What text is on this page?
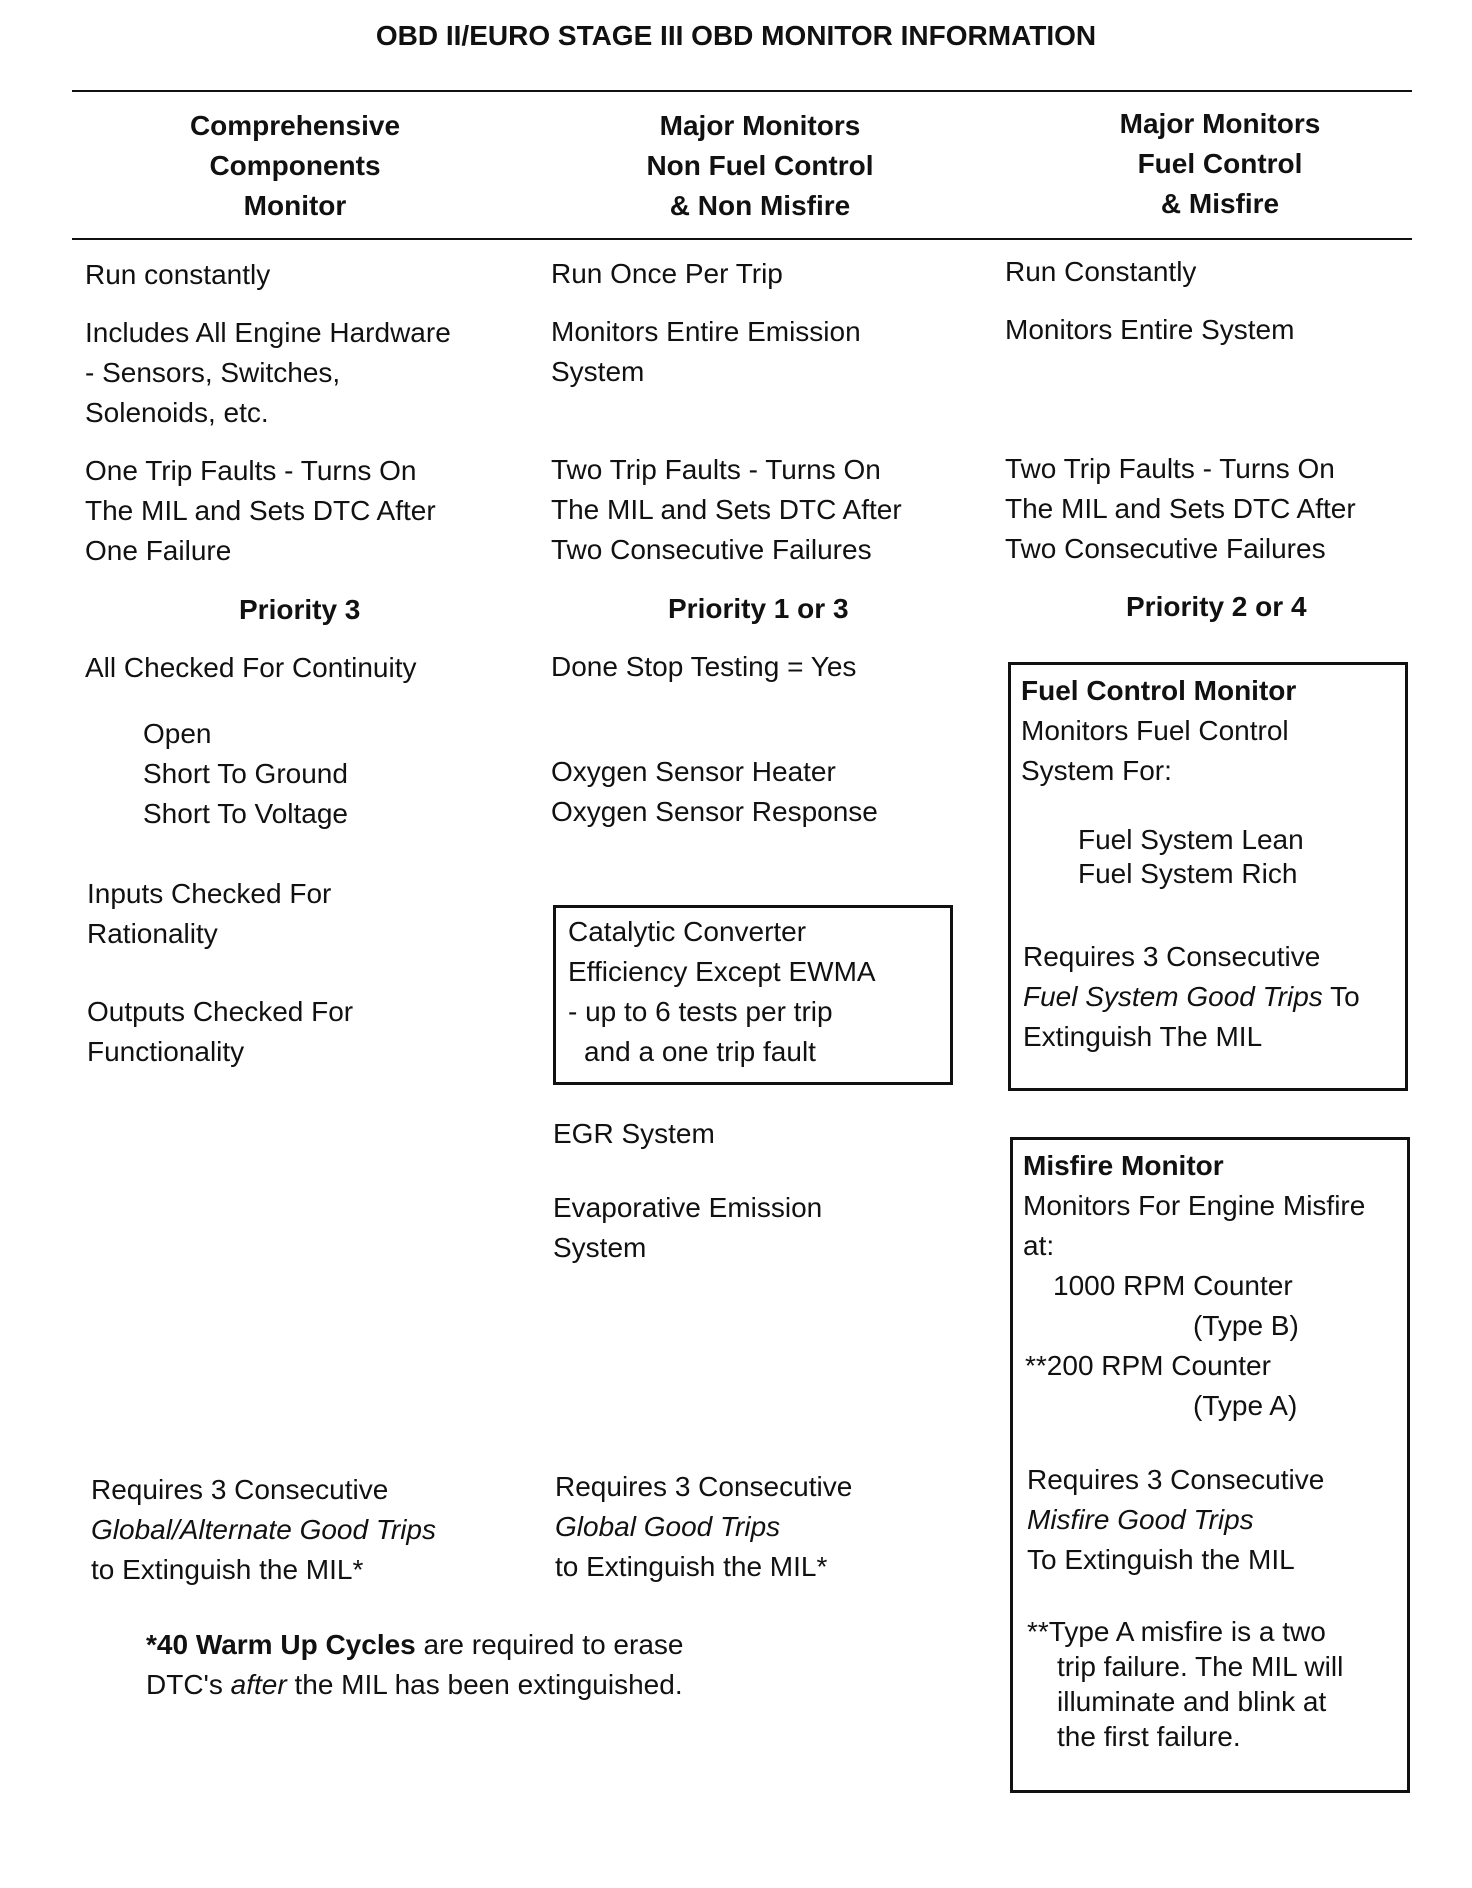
OBD II/EURO STAGE III OBD MONITOR INFORMATION
Comprehensive
Components
Monitor
Major Monitors
Non Fuel Control
& Non Misfire
Major Monitors
Fuel Control
& Misfire
Run constantly
Includes All Engine Hardware
- Sensors, Switches,
Solenoids, etc.
One Trip Faults - Turns On
The MIL and Sets DTC After
One Failure
Priority 3
All Checked For Continuity
Open
Short To Ground
Short To Voltage
Inputs Checked For
Rationality
Outputs Checked For
Functionality
Requires 3 Consecutive
Global/Alternate Good Trips
to Extinguish the MIL*
Run Once Per Trip
Monitors Entire Emission
System
Two Trip Faults - Turns On
The MIL and Sets DTC After
Two Consecutive Failures
Priority 1 or 3
Done Stop Testing = Yes
Oxygen Sensor Heater
Oxygen Sensor Response
Catalytic Converter
Efficiency Except EWMA
- up to 6 tests per trip
and a one trip fault
EGR System
Evaporative Emission
System
Requires 3 Consecutive
Global Good Trips
to Extinguish the MIL*
Run Constantly
Monitors Entire System
Two Trip Faults - Turns On
The MIL and Sets DTC After
Two Consecutive Failures
Priority 2 or 4
Fuel Control Monitor
Monitors Fuel Control
System For:
Fuel System Lean
Fuel System Rich
Requires 3 Consecutive
Fuel System Good Trips To
Extinguish The MIL
Misfire Monitor
Monitors For Engine Misfire
at:
1000 RPM Counter
(Type B)
**200 RPM Counter
(Type A)
Requires 3 Consecutive
Misfire Good Trips
To Extinguish the MIL
**Type A misfire is a two
trip failure. The MIL will
illuminate and blink at
the first failure.
*40 Warm Up Cycles are required to erase
DTC's after the MIL has been extinguished.
